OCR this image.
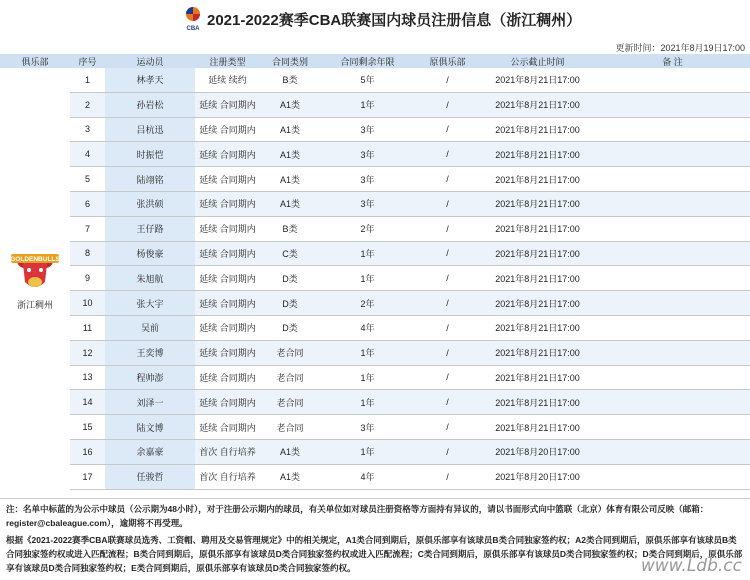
CBA 2021-2022赛季CBA联赛国内球员注册信息（浙江稠州）
更新时间：2021年8月19日17:00
俱乐部	序号	运动员	注册类型	合同类别	合同剩余年限	原俱乐部	公示截止时间	备 注

GOLDENBULLS
浙江稠州	1	林孝天	延续 续约	B类	5年	/	2021年8月21日17:00	
	2	孙岩松	延续 合同期内	A1类	1年	/	2021年8月21日17:00	
	3	吕杭迅	延续 合同期内	A1类	3年	/	2021年8月21日17:00	
	4	时振恺	延续 合同期内	A1类	3年	/	2021年8月21日17:00	
	5	陆翊铭	延续 合同期内	A1类	3年	/	2021年8月21日17:00	
	6	张洪硕	延续 合同期内	A1类	3年	/	2021年8月21日17:00	
	7	王仔路	延续 合同期内	B类	2年	/	2021年8月21日17:00	
	8	杨俊豪	延续 合同期内	C类	1年	/	2021年8月21日17:00	
	9	朱旭航	延续 合同期内	D类	1年	/	2021年8月21日17:00	
	10	张大宇	延续 合同期内	D类	2年	/	2021年8月21日17:00	
	11	吴前	延续 合同期内	D类	4年	/	2021年8月21日17:00	
	12	王奕博	延续 合同期内	老合同	1年	/	2021年8月21日17:00	
	13	程帅澎	延续 合同期内	老合同	1年	/	2021年8月21日17:00	
	14	刘泽一	延续 合同期内	老合同	1年	/	2021年8月21日17:00	
	15	陆文博	延续 合同期内	老合同	3年	/	2021年8月21日17:00	
	16	余嘉豪	首次 自行培养	A1类	1年	/	2021年8月20日17:00	
	17	任骏哲	首次 自行培养	A1类	4年	/	2021年8月20日17:00	

注：名单中标蓝的为公示中球员（公示期为48小时），对于注册公示期内的球员，有关单位如对球员注册资格等方面持有异议的，请以书面形式向中篮联（北京）体育有限公司反映（邮箱：register@cbaleague.com），逾期将不再受理。

根据《2021-2022赛季CBA联赛球员选秀、工资帽、聘用及交易管理规定》中的相关规定，A1类合同到期后，原俱乐部享有该球员B类合同独家签约权；A2类合同到期后，原俱乐部享有该球员B类合同独家签约权或进入匹配流程；B类合同到期后，原俱乐部享有该球员D类合同独家签约权或进入匹配流程；C类合同到期后，原俱乐部享有该球员D类合同独家签约权；D类合同到期后，原俱乐部享有该球员D类合同独家签约权；E类合同到期后，原俱乐部享有该球员D类合同独家签约权。	www.Ldb.cc
